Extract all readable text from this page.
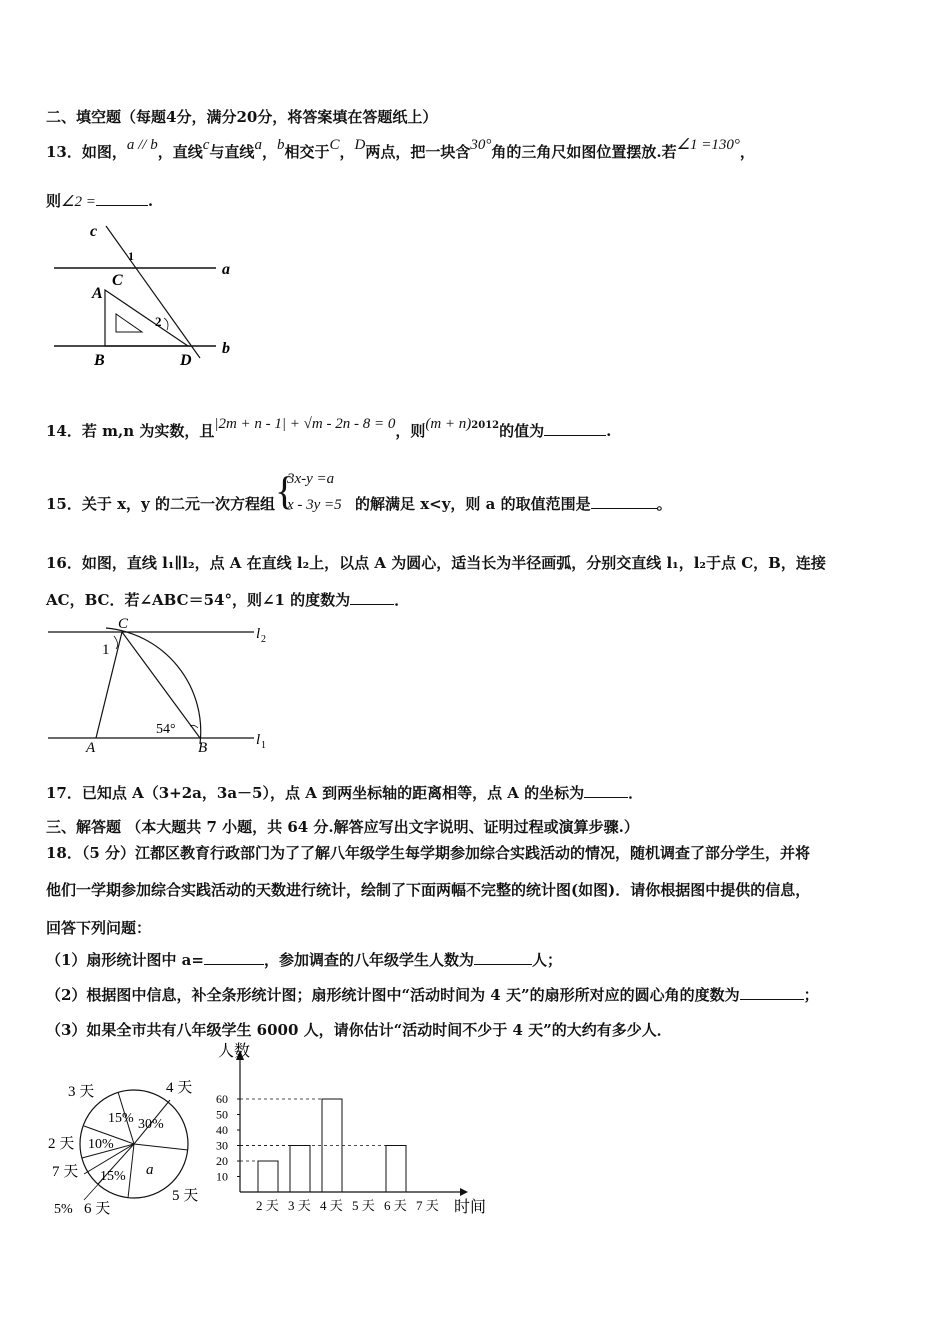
二、填空题（每题4分，满分20分，将答案填在答题纸上）
13．如图，a // b，直线c与直线a，b相交于C，D两点，把一块含30°角的三角尺如图位置摆放.若∠1 =130°，
则∠2 =	.
c
1
C
a
A
2
B	D
b
14．若 m,n 为实数，且|2m + n - 1| + √m - 2n - 8 = 0，则$(m + n)^{2012}$的值为	.
15．关于 x，y 的二元一次方程组 {
3x-y =a
x - 3y =5 的解满足 x<y，则 a 的取值范围是	。
16．如图，直线 l₁∥l₂，点 A 在直线 l₂上，以点 A 为圆心，适当长为半径画弧，分别交直线 l₁，l₂于点 C，B，连接
AC，BC．若∠ABC＝54°，则∠1 的度数为	．
C
l 2
1
54°
A	B	l 1
17．已知点 A（3+2a，3a－5），点 A 到两坐标轴的距离相等，点 A 的坐标为	．
三、解答题 （本大题共 7 小题，共 64 分.解答应写出文字说明、证明过程或演算步骤.）
18．（5 分）江都区教育行政部门为了了解八年级学生每学期参加综合实践活动的情况，随机调查了部分学生，并将
他们一学期参加综合实践活动的天数进行统计，绘制了下面两幅不完整的统计图(如图)．请你根据图中提供的信息，
回答下列问题：
（1）扇形统计图中 a=	，参加调查的八年级学生人数为	人；
（2）根据图中信息，补全条形统计图；扇形统计图中“活动时间为 4 天”的扇形所对应的圆心角的度数为	；
（3）如果全市共有八年级学生 6000 人，请你估计“活动时间不少于 4 天”的大约有多少人．
15% 30%
a
15%
10%
5%
3 天	4 天
5 天
6 天
7 天
2 天
人数
时间
10
20
30
40
50
60
2 天 3 天 4 天 5 天 6 天 7 天
